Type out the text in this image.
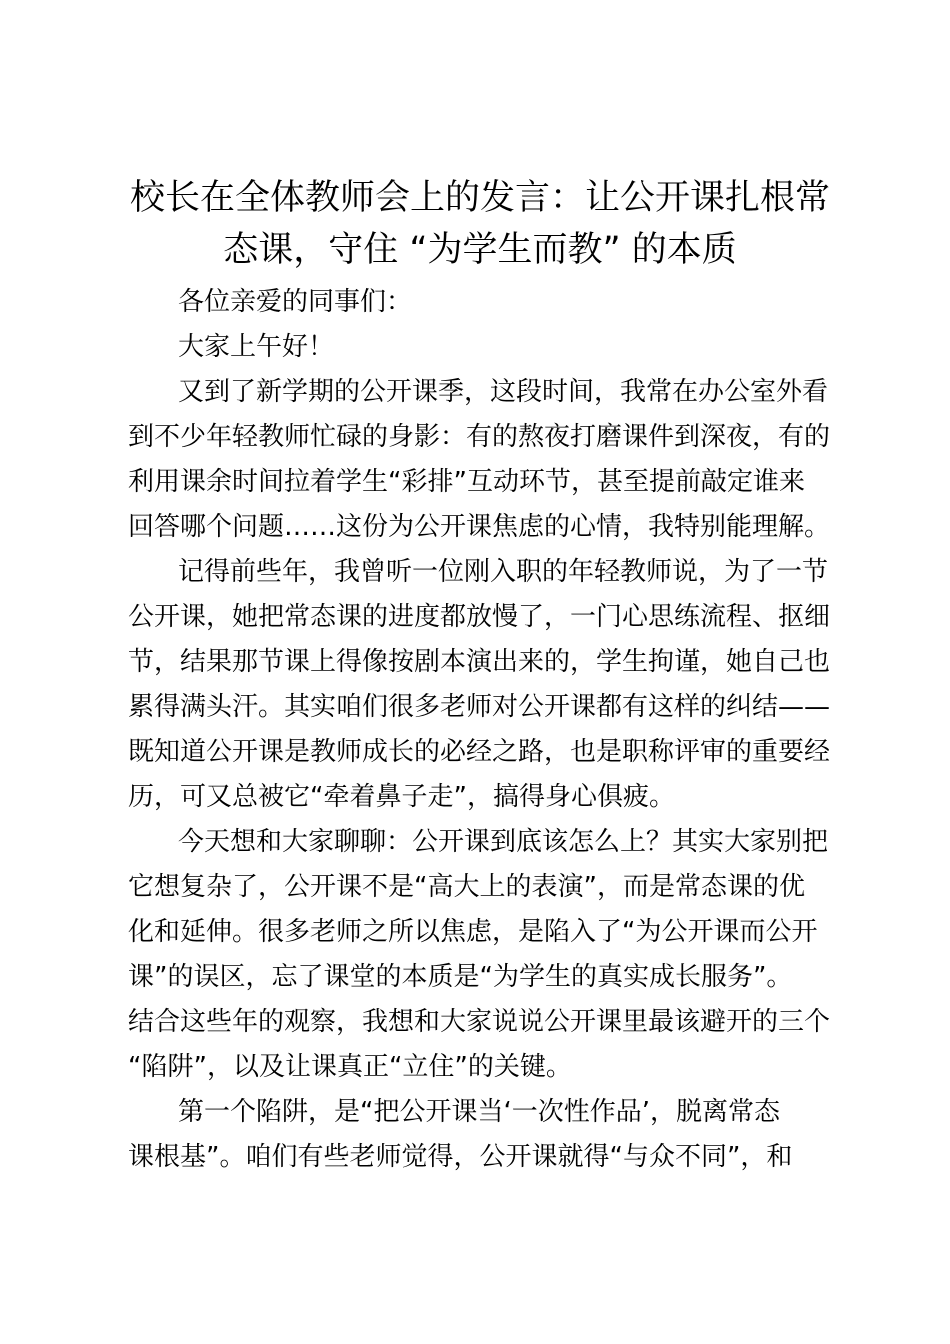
校长在全体教师会上的发言：让公开课扎根常
态课，守住 “为学生而教” 的本质

各位亲爱的同事们：

大家上午好！

又到了新学期的公开课季，这段时间，我常在办公室外看

到不少年轻教师忙碌的身影：有的熬夜打磨课件到深夜，有的

利用课余时间拉着学生“彩排”互动环节，甚至提前敲定谁来

回答哪个问题……这份为公开课焦虑的心情，我特别能理解。

记得前些年，我曾听一位刚入职的年轻教师说，为了一节

公开课，她把常态课的进度都放慢了，一门心思练流程、抠细

节，结果那节课上得像按剧本演出来的，学生拘谨，她自己也

累得满头汗。其实咱们很多老师对公开课都有这样的纠结——

既知道公开课是教师成长的必经之路，也是职称评审的重要经

历，可又总被它“牵着鼻子走”，搞得身心俱疲。

今天想和大家聊聊：公开课到底该怎么上？其实大家别把

它想复杂了，公开课不是“高大上的表演”，而是常态课的优

化和延伸。很多老师之所以焦虑，是陷入了“为公开课而公开

课”的误区，忘了课堂的本质是“为学生的真实成长服务”。

结合这些年的观察，我想和大家说说公开课里最该避开的三个

“陷阱”，以及让课真正“立住”的关键。

第一个陷阱，是“把公开课当‘一次性作品’，脱离常态

课根基”。咱们有些老师觉得，公开课就得“与众不同”，和
